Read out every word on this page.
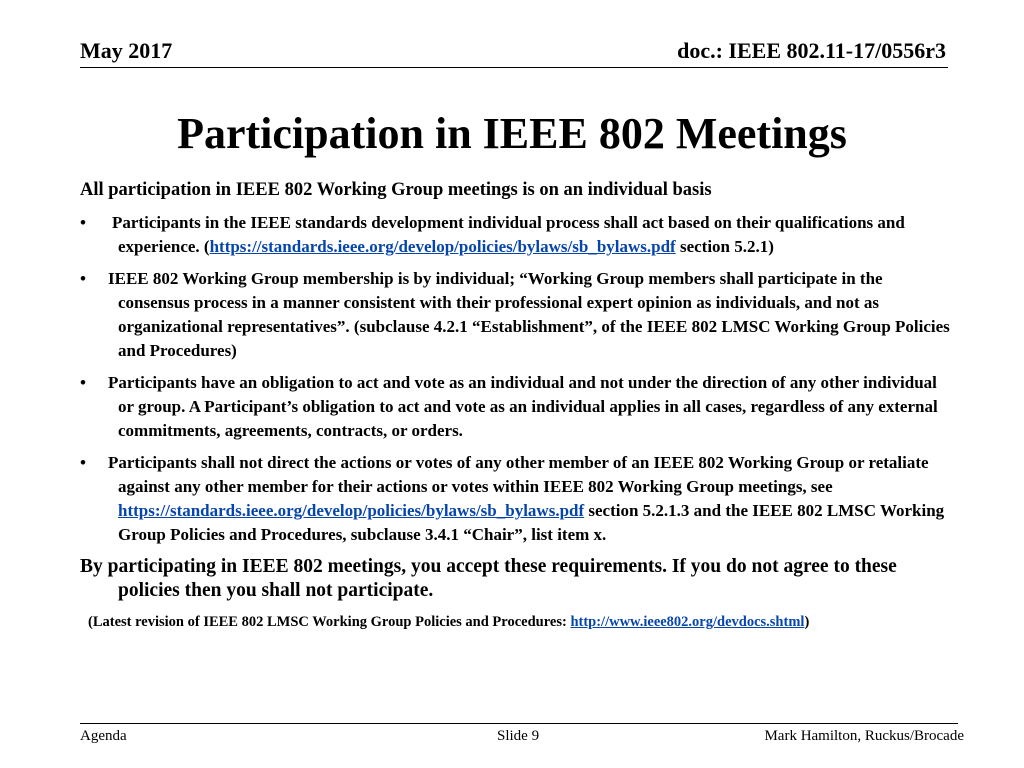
May 2017	doc.: IEEE 802.11-17/0556r3
Participation in IEEE 802 Meetings
All participation in IEEE 802 Working Group meetings is on an individual basis
• Participants in the IEEE standards development individual process shall act based on their qualifications and experience. (https://standards.ieee.org/develop/policies/bylaws/sb_bylaws.pdf section 5.2.1)
• IEEE 802 Working Group membership is by individual; “Working Group members shall participate in the consensus process in a manner consistent with their professional expert opinion as individuals, and not as organizational representatives”. (subclause 4.2.1 “Establishment”, of the IEEE 802 LMSC Working Group Policies and Procedures)
• Participants have an obligation to act and vote as an individual and not under the direction of any other individual or group. A Participant’s obligation to act and vote as an individual applies in all cases, regardless of any external commitments, agreements, contracts, or orders.
• Participants shall not direct the actions or votes of any other member of an IEEE 802 Working Group or retaliate against any other member for their actions or votes within IEEE 802 Working Group meetings, see https://standards.ieee.org/develop/policies/bylaws/sb_bylaws.pdf section 5.2.1.3 and the IEEE 802 LMSC Working Group Policies and Procedures, subclause 3.4.1 “Chair”, list item x.
By participating in IEEE 802 meetings, you accept these requirements. If you do not agree to these policies then you shall not participate.
(Latest revision of IEEE 802 LMSC Working Group Policies and Procedures: http://www.ieee802.org/devdocs.shtml)
Agenda	Slide 9	Mark Hamilton, Ruckus/Brocade
